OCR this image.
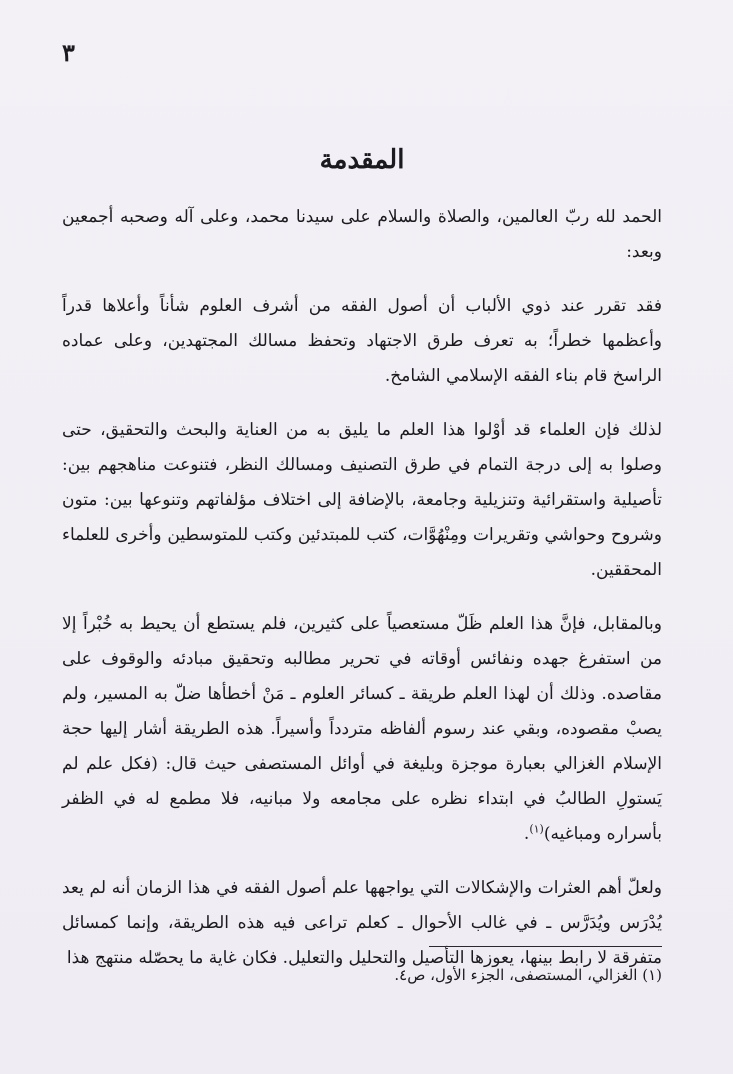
٣
المقدمة

الحمد لله ربّ العالمين، والصلاة والسلام على سيدنا محمد، وعلى آله وصحبه أجمعين وبعد:

فقد تقرر عند ذوي الألباب أن أصول الفقه من أشرف العلوم شأناً وأعلاها قدراً وأعظمها خطراً؛ به تعرف طرق الاجتهاد وتحفظ مسالك المجتهدين، وعلى عماده الراسخ قام بناء الفقه الإسلامي الشامخ.

لذلك فإن العلماء قد أوْلوا هذا العلم ما يليق به من العناية والبحث والتحقيق، حتى وصلوا به إلى درجة التمام في طرق التصنيف ومسالك النظر، فتنوعت مناهجهم بين: تأصيلية واستقرائية وتنزيلية وجامعة، بالإضافة إلى اختلاف مؤلفاتهم وتنوعها بين: متون وشروح وحواشي وتقريرات ومِنْهُوَّات، كتب للمبتدئين وكتب للمتوسطين وأخرى للعلماء المحققين.

وبالمقابل، فإنَّ هذا العلم ظَلّ مستعصياً على كثيرين، فلم يستطع أن يحيط به خُبْراً إلا من استفرغ جهده ونفائس أوقاته في تحرير مطالبه وتحقيق مبادئه والوقوف على مقاصده. وذلك أن لهذا العلم طريقة ـ كسائر العلوم ـ مَنْ أخطأها ضلّ به المسير، ولم يصبْ مقصوده، وبقي عند رسوم ألفاظه متردداً وأسيراً. هذه الطريقة أشار إليها حجة الإسلام الغزالي بعبارة موجزة وبليغة في أوائل المستصفى حيث قال: (فكل علم لم يَستولِ الطالبُ في ابتداء نظره على مجامعه ولا مبانيه، فلا مطمع له في الظفر بأسراره ومباغيه)$^{(١)}$.

ولعلّ أهم العثرات والإشكالات التي يواجهها علم أصول الفقه في هذا الزمان أنه لم يعد يُدْرَس ويُدَرَّس ـ في غالب الأحوال ـ كعلم تراعى فيه هذه الطريقة، وإنما كمسائل متفرقة لا رابط بينها، يعوزها التأصيل والتحليل والتعليل. فكان غاية ما يحصّله منتهج هذا

(١) الغزالي، المستصفى، الجزء الأول، ص٤.
